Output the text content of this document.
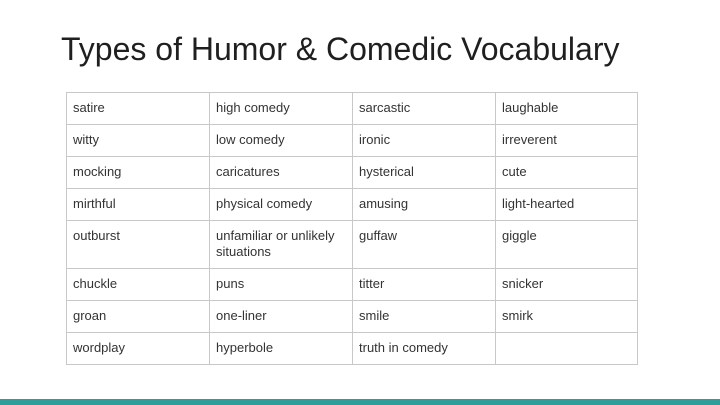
Types of Humor & Comedic Vocabulary
satire	high comedy	sarcastic	laughable
witty	low comedy	ironic	irreverent
mocking	caricatures	hysterical	cute
mirthful	physical comedy	amusing	light-hearted
outburst	unfamiliar or unlikely situations	guffaw	giggle
chuckle	puns	titter	snicker
groan	one-liner	smile	smirk
wordplay	hyperbole	truth in comedy	
